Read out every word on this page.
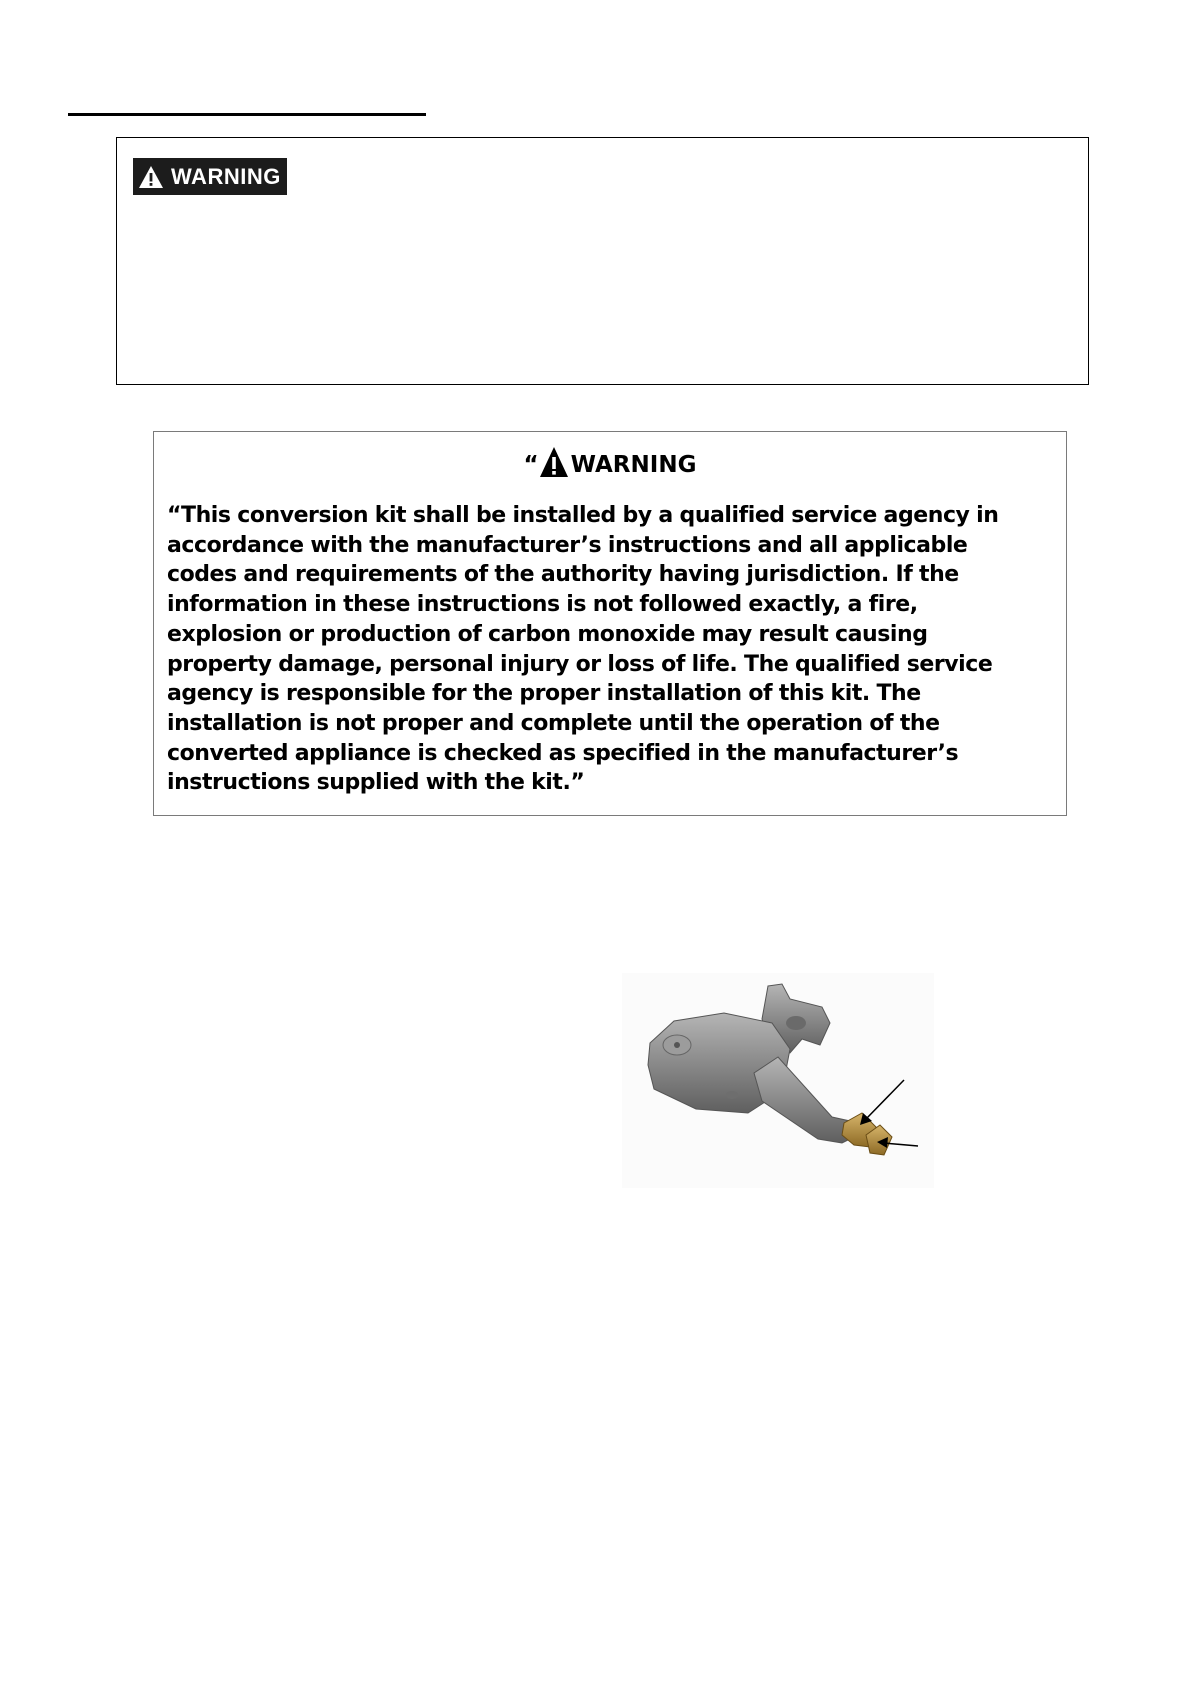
WARNING
“ WARNING
“This conversion kit shall be installed by a qualified service agency in
accordance with the manufacturer’s instructions and all applicable
codes and requirements of the authority having jurisdiction. If the
information in these instructions is not followed exactly, a fire,
explosion or production of carbon monoxide may result causing
property damage, personal injury or loss of life. The qualified service
agency is responsible for the proper installation of this kit. The
installation is not proper and complete until the operation of the
converted appliance is checked as specified in the manufacturer’s
instructions supplied with the kit.”
